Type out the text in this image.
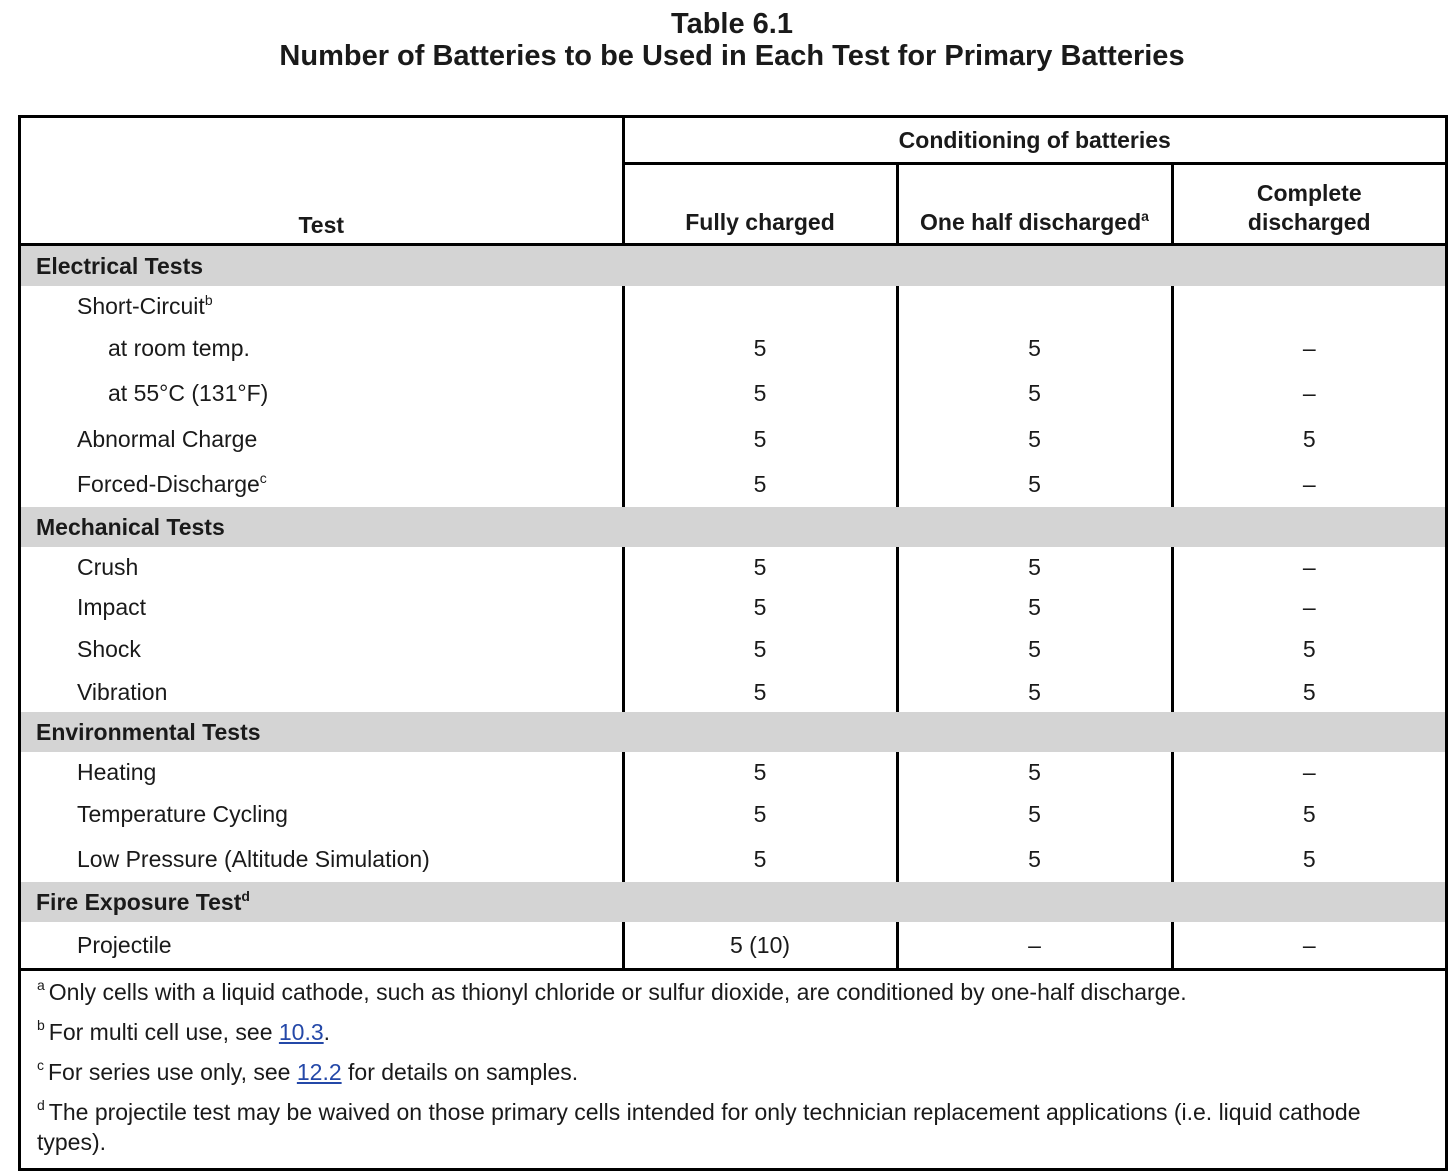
Table 6.1
Number of Batteries to be Used in Each Test for Primary Batteries
Test	Conditioning of batteries		
	Fully charged	One half discharged$^a$	Complete
discharged
Electrical Tests			
Short-Circuit$^b$			
at room temp.	5	5	–
at 55°C (131°F)	5	5	–
Abnormal Charge	5	5	5
Forced-Discharge$^c$	5	5	–
Mechanical Tests			
Crush	5	5	–
Impact	5	5	–
Shock	5	5	5
Vibration	5	5	5
Environmental Tests			
Heating	5	5	–
Temperature Cycling	5	5	5
Low Pressure (Altitude Simulation)	5	5	5
Fire Exposure Test$^d$
Projectile	5 (10)	–	–

$^a$ Only cells with a liquid cathode, such as thionyl chloride or sulfur dioxide, are conditioned by one-half discharge.

$^b$ For multi cell use, see 10.3.

$^c$ For series use only, see 12.2 for details on samples.

$^d$ The projectile test may be waived on those primary cells intended for only technician replacement applications (i.e. liquid cathode types).			
